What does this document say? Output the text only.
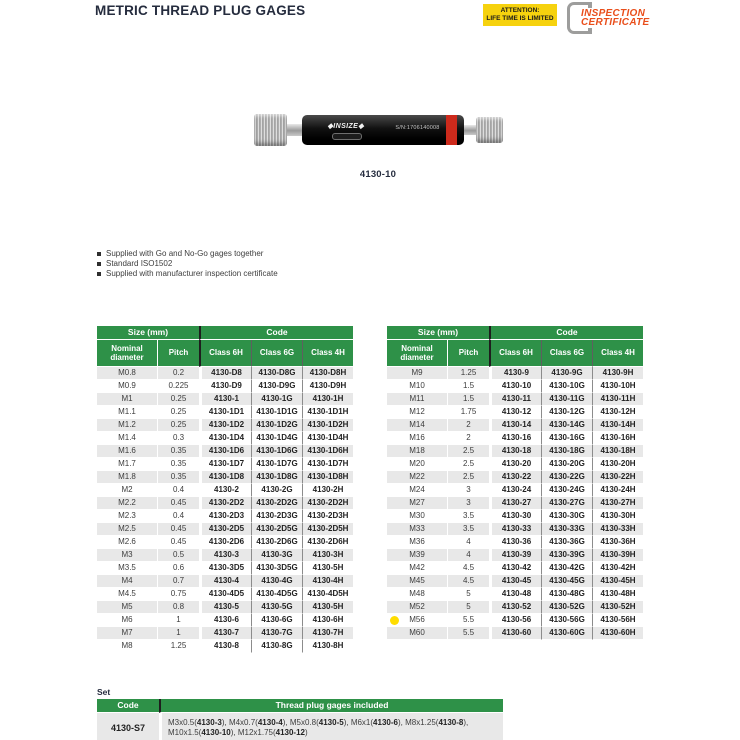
METRIC THREAD PLUG GAGES	ATTENTION:
LIFE TIME IS LIMITED	INSPECTION
CERTIFICATE
◆INSIZE◆	S/N:1706140008
4130-10
Supplied with Go and No-Go gages together
Standard ISO1502
Supplied with manufacturer inspection certificate
Size (mm)		Code		
Nominal diameter	Pitch	Class 6H	Class 6G	Class 4H
M0.8	0.2	4130-D8	4130-D8G	4130-D8H
M0.9	0.225	4130-D9	4130-D9G	4130-D9H
M1	0.25	4130-1	4130-1G	4130-1H
M1.1	0.25	4130-1D1	4130-1D1G	4130-1D1H
M1.2	0.25	4130-1D2	4130-1D2G	4130-1D2H
M1.4	0.3	4130-1D4	4130-1D4G	4130-1D4H
M1.6	0.35	4130-1D6	4130-1D6G	4130-1D6H
M1.7	0.35	4130-1D7	4130-1D7G	4130-1D7H
M1.8	0.35	4130-1D8	4130-1D8G	4130-1D8H
M2	0.4	4130-2	4130-2G	4130-2H
M2.2	0.45	4130-2D2	4130-2D2G	4130-2D2H
M2.3	0.4	4130-2D3	4130-2D3G	4130-2D3H
M2.5	0.45	4130-2D5	4130-2D5G	4130-2D5H
M2.6	0.45	4130-2D6	4130-2D6G	4130-2D6H
M3	0.5	4130-3	4130-3G	4130-3H
M3.5	0.6	4130-3D5	4130-3D5G	4130-5H
M4	0.7	4130-4	4130-4G	4130-4H
M4.5	0.75	4130-4D5	4130-4D5G	4130-4D5H
M5	0.8	4130-5	4130-5G	4130-5H
M6	1	4130-6	4130-6G	4130-6H
M7	1	4130-7	4130-7G	4130-7H
M8	1.25	4130-8	4130-8G	4130-8H
Size (mm)		Code		
Nominal diameter	Pitch	Class 6H	Class 6G	Class 4H
M9	1.25	4130-9	4130-9G	4130-9H
M10	1.5	4130-10	4130-10G	4130-10H
M11	1.5	4130-11	4130-11G	4130-11H
M12	1.75	4130-12	4130-12G	4130-12H
M14	2	4130-14	4130-14G	4130-14H
M16	2	4130-16	4130-16G	4130-16H
M18	2.5	4130-18	4130-18G	4130-18H
M20	2.5	4130-20	4130-20G	4130-20H
M22	2.5	4130-22	4130-22G	4130-22H
M24	3	4130-24	4130-24G	4130-24H
M27	3	4130-27	4130-27G	4130-27H
M30	3.5	4130-30	4130-30G	4130-30H
M33	3.5	4130-33	4130-33G	4130-33H
M36	4	4130-36	4130-36G	4130-36H
M39	4	4130-39	4130-39G	4130-39H
M42	4.5	4130-42	4130-42G	4130-42H
M45	4.5	4130-45	4130-45G	4130-45H
M48	5	4130-48	4130-48G	4130-48H
M52	5	4130-52	4130-52G	4130-52H
M56	5.5	4130-56	4130-56G	4130-56H
M60	5.5	4130-60	4130-60G	4130-60H
Set
Code	Thread plug gages included
4130-S7	M3x0.5(4130-3), M4x0.7(4130-4), M5x0.8(4130-5), M6x1(4130-6), M8x1.25(4130-8), M10x1.5(4130-10), M12x1.75(4130-12)
